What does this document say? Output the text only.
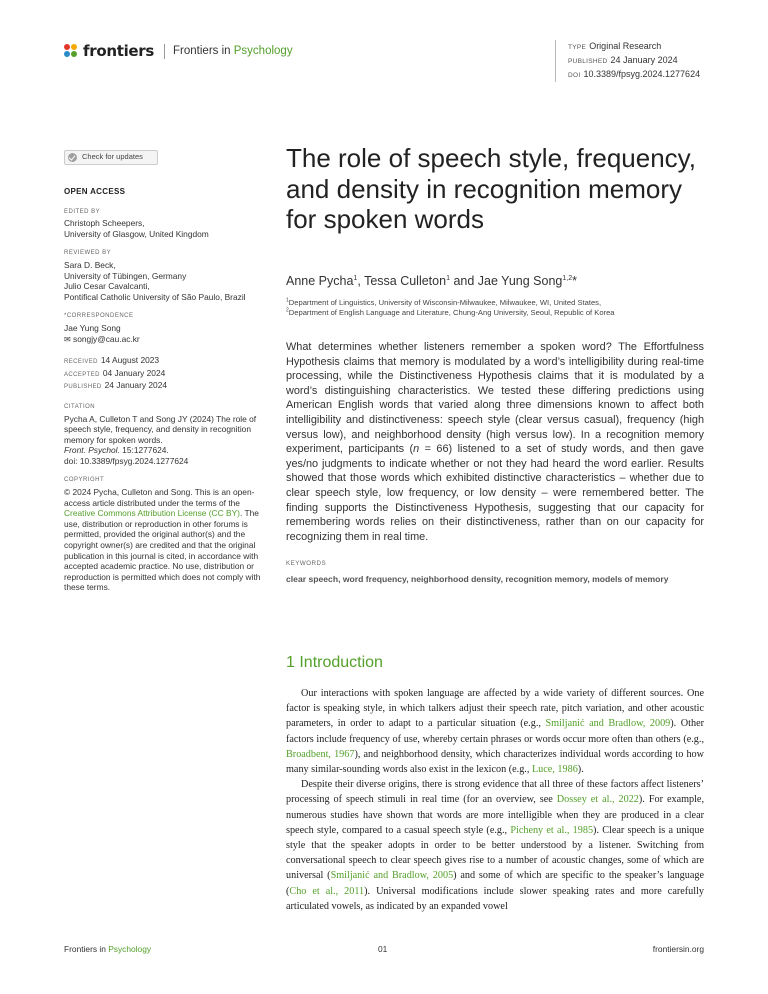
frontiers Frontiers in Psychology	TYPE Original Research
PUBLISHED 24 January 2024
DOI 10.3389/fpsyg.2024.1277624
Check for updates
OPEN ACCESS
EDITED BY
Christoph Scheepers,
University of Glasgow, United Kingdom
REVIEWED BY
Sara D. Beck,
University of Tübingen, Germany
Julio Cesar Cavalcanti,
Pontifical Catholic University of São Paulo, Brazil
*CORRESPONDENCE
Jae Yung Song
✉ songjy@cau.ac.kr
RECEIVED 14 August 2023
ACCEPTED 04 January 2024
PUBLISHED 24 January 2024
CITATION
Pycha A, Culleton T and Song JY (2024) The role of speech style, frequency, and density in recognition memory for spoken words.
Front. Psychol. 15:1277624.
doi: 10.3389/fpsyg.2024.1277624
COPYRIGHT
© 2024 Pycha, Culleton and Song. This is an open-access article distributed under the terms of the Creative Commons Attribution License (CC BY). The use, distribution or reproduction in other forums is permitted, provided the original author(s) and the copyright owner(s) are credited and that the original publication in this journal is cited, in accordance with accepted academic practice. No use, distribution or reproduction is permitted which does not comply with these terms.
The role of speech style, frequency, and density in recognition memory for spoken words
Anne Pycha$^1$, Tessa Culleton$^1$ and Jae Yung Song$^{1,2}$*
$^1$Department of Linguistics, University of Wisconsin-Milwaukee, Milwaukee, WI, United States,
$^2$Department of English Language and Literature, Chung-Ang University, Seoul, Republic of Korea

What determines whether listeners remember a spoken word? The Effortfulness Hypothesis claims that memory is modulated by a word’s intelligibility during real-time processing, while the Distinctiveness Hypothesis claims that it is modulated by a word’s distinguishing characteristics. We tested these differing predictions using American English words that varied along three dimensions known to affect both intelligibility and distinctiveness: speech style (clear versus casual), frequency (high versus low), and neighborhood density (high versus low). In a recognition memory experiment, participants (n = 66) listened to a set of study words, and then gave yes/no judgments to indicate whether or not they had heard the word earlier. Results showed that those words which exhibited distinctive characteristics – whether due to clear speech style, low frequency, or low density – were remembered better. The finding supports the Distinctiveness Hypothesis, suggesting that our capacity for remembering words relies on their distinctiveness, rather than on our capacity for recognizing them in real time.

KEYWORDS
clear speech, word frequency, neighborhood density, recognition memory, models of memory
1 Introduction

Our interactions with spoken language are affected by a wide variety of different sources. One factor is speaking style, in which talkers adjust their speech rate, pitch variation, and other acoustic parameters, in order to adapt to a particular situation (e.g., Smiljanić and Bradlow, 2009). Other factors include frequency of use, whereby certain phrases or words occur more often than others (e.g., Broadbent, 1967), and neighborhood density, which characterizes individual words according to how many similar-sounding words also exist in the lexicon (e.g., Luce, 1986).

Despite their diverse origins, there is strong evidence that all three of these factors affect listeners’ processing of speech stimuli in real time (for an overview, see Dossey et al., 2022). For example, numerous studies have shown that words are more intelligible when they are produced in a clear speech style, compared to a casual speech style (e.g., Picheny et al., 1985). Clear speech is a unique style that the speaker adopts in order to be better understood by a listener. Switching from conversational speech to clear speech gives rise to a number of acoustic changes, some of which are universal (Smiljanić and Bradlow, 2005) and some of which are specific to the speaker’s language (Cho et al., 2011). Universal modifications include slower speaking rates and more carefully articulated vowels, as indicated by an expanded vowel

Frontiers in Psychology	01	frontiersin.org
